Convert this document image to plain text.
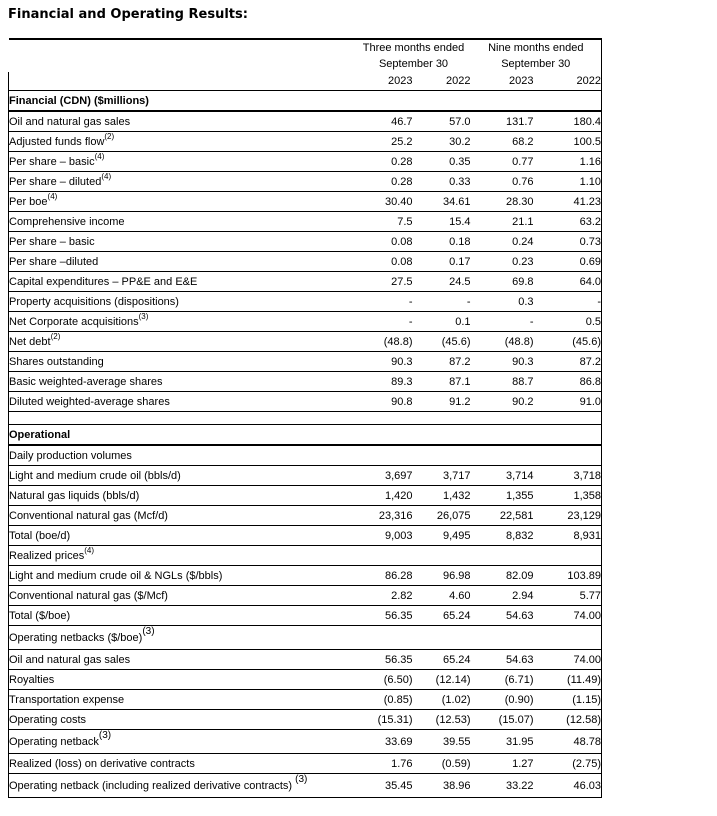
Financial and Operating Results:
	Three months ended		Nine months ended	
	September 30		September 30	
	2023	2022	2023	2022
Financial (CDN) ($millions)				
Oil and natural gas sales	46.7	57.0	131.7	180.4
Adjusted funds flow$^{(2)}$	25.2	30.2	68.2	100.5
Per share – basic$^{(4)}$	0.28	0.35	0.77	1.16
Per share – diluted$^{(4)}$	0.28	0.33	0.76	1.10
Per boe$^{(4)}$	30.40	34.61	28.30	41.23
Comprehensive income	7.5	15.4	21.1	63.2
Per share – basic	0.08	0.18	0.24	0.73
Per share –diluted	0.08	0.17	0.23	0.69
Capital expenditures – PP&E and E&E	27.5	24.5	69.8	64.0
Property acquisitions (dispositions)	-	-	0.3	-
Net Corporate acquisitions$^{(3)}$	-	0.1	-	0.5
Net debt$^{(2)}$	(48.8)	(45.6)	(48.8)	(45.6)
Shares outstanding	90.3	87.2	90.3	87.2
Basic weighted-average shares	89.3	87.1	88.7	86.8
Diluted weighted-average shares	90.8	91.2	90.2	91.0

Operational				
Daily production volumes				
Light and medium crude oil (bbls/d)	3,697	3,717	3,714	3,718
Natural gas liquids (bbls/d)	1,420	1,432	1,355	1,358
Conventional natural gas (Mcf/d)	23,316	26,075	22,581	23,129
Total (boe/d)	9,003	9,495	8,832	8,931
Realized prices$^{(4)}$				
Light and medium crude oil & NGLs ($/bbls)	86.28	96.98	82.09	103.89
Conventional natural gas ($/Mcf)	2.82	4.60	2.94	5.77
Total ($/boe)	56.35	65.24	54.63	74.00
Operating netbacks ($/boe)$^{(3)}$				
Oil and natural gas sales	56.35	65.24	54.63	74.00
Royalties	(6.50)	(12.14)	(6.71)	(11.49)
Transportation expense	(0.85)	(1.02)	(0.90)	(1.15)
Operating costs	(15.31)	(12.53)	(15.07)	(12.58)
Operating netback$^{(3)}$	33.69	39.55	31.95	48.78
Realized (loss) on derivative contracts	1.76	(0.59)	1.27	(2.75)
Operating netback (including realized derivative contracts) $^{(3)}$	35.45	38.96	33.22	46.03
